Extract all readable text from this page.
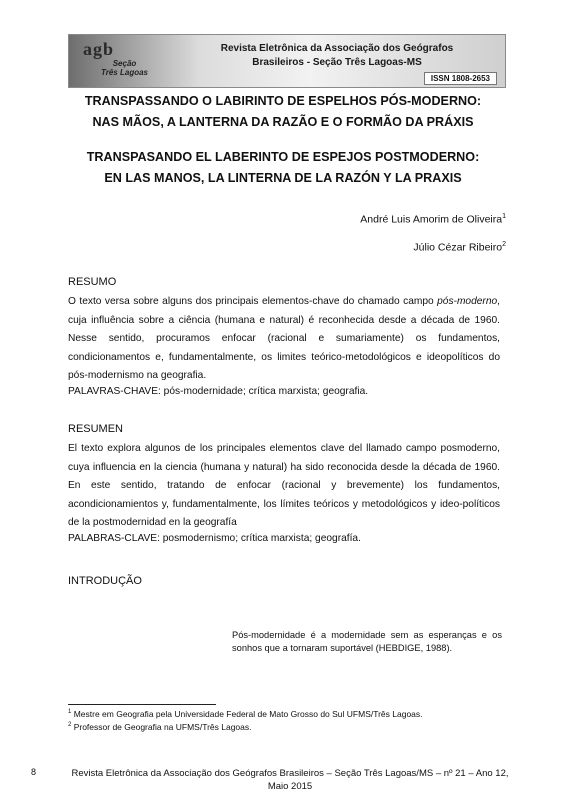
agb
Seção
Três Lagoas
Revista Eletrônica da Associação dos Geógrafos
Brasileiros - Seção Três Lagoas-MS
ISSN 1808-2653
TRANSPASSANDO O LABIRINTO DE ESPELHOS PÓS-MODERNO:
NAS MÃOS, A LANTERNA DA RAZÃO E O FORMÃO DA PRÁXIS
TRANSPASANDO EL LABERINTO DE ESPEJOS POSTMODERNO:
EN LAS MANOS, LA LINTERNA DE LA RAZÓN Y LA PRAXIS
André Luis Amorim de Oliveira$^1$
Júlio Cézar Ribeiro$^2$
RESUMO
O texto versa sobre alguns dos principais elementos-chave do chamado campo pós-moderno, cuja influência sobre a ciência (humana e natural) é reconhecida desde a década de 1960. Nesse sentido, procuramos enfocar (racional e sumariamente) os fundamentos, condicionamentos e, fundamentalmente, os limites teórico-metodológicos e ideopolíticos do pós-modernismo na geografia.
PALAVRAS-CHAVE: pós-modernidade; crítica marxista; geografia.
RESUMEN
El texto explora algunos de los principales elementos clave del llamado campo posmoderno, cuya influencia en la ciencia (humana y natural) ha sido reconocida desde la década de 1960. En este sentido, tratando de enfocar (racional y brevemente) los fundamentos, acondicionamientos y, fundamentalmente, los límites teóricos y metodológicos y ideo-políticos de la postmodernidad en la geografía
PALABRAS-CLAVE: posmodernismo; crítica marxista; geografía.
INTRODUÇÃO
Pós-modernidade é a modernidade sem as esperanças e os sonhos que a tornaram suportável (HEBDIGE, 1988).
$^1$ Mestre em Geografia pela Universidade Federal de Mato Grosso do Sul UFMS/Três Lagoas.
$^2$ Professor de Geografia na UFMS/Três Lagoas.
8	Revista Eletrônica da Associação dos Geógrafos Brasileiros – Seção Três Lagoas/MS – nº 21 – Ano 12,
Maio 2015
